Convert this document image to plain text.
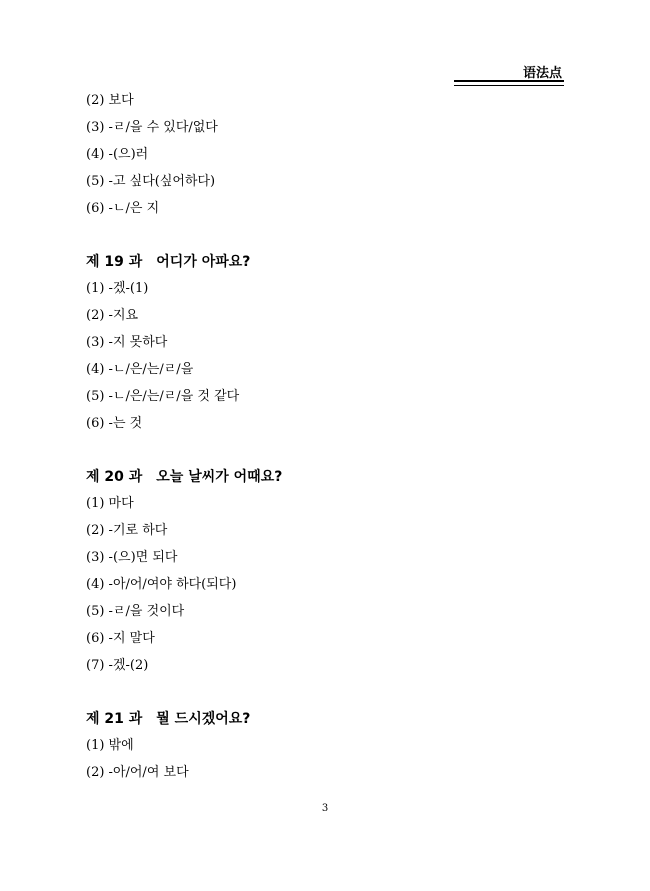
语法点
(2) 보다
(3) -ㄹ/을 수 있다/없다
(4) -(으)러
(5) -고 싶다(싶어하다)
(6) -ㄴ/은 지
제 19 과 어디가 아파요?
(1) -겠-(1)
(2) -지요
(3) -지 못하다
(4) -ㄴ/은/는/ㄹ/을
(5) -ㄴ/은/는/ㄹ/을 것 같다
(6) -는 것
제 20 과 오늘 날씨가 어때요?
(1) 마다
(2) -기로 하다
(3) -(으)면 되다
(4) -아/어/여야 하다(되다)
(5) -ㄹ/을 것이다
(6) -지 말다
(7) -겠-(2)
제 21 과 뭘 드시겠어요?
(1) 밖에
(2) -아/어/여 보다
3
